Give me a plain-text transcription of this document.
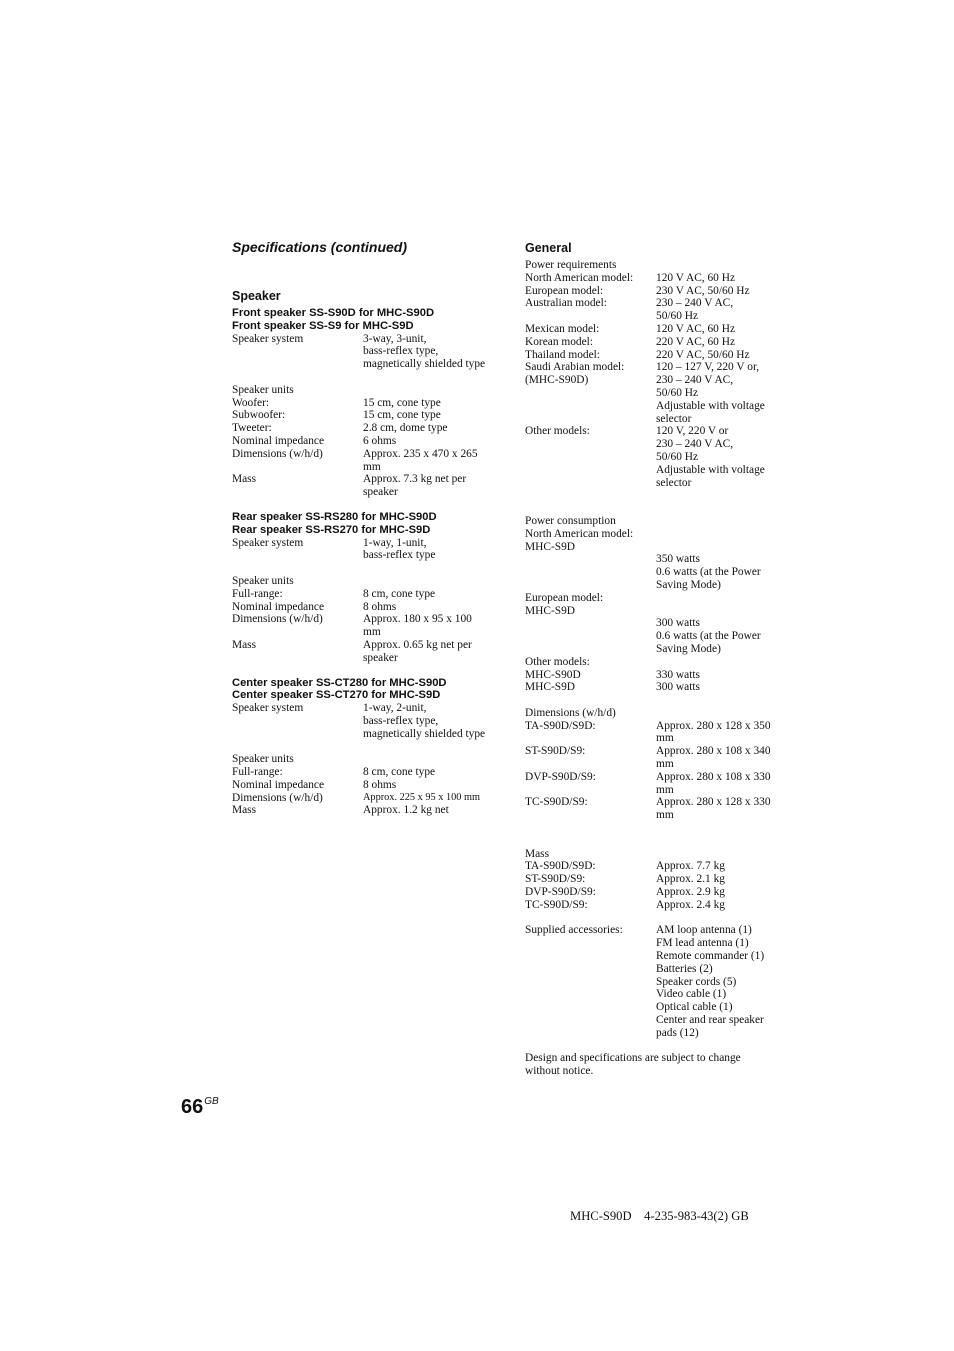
Specifications (continued)
Speaker
Front speaker SS-S90D for MHC-S90D
Front speaker SS-S9 for MHC-S9D
Speaker system	3-way, 3-unit,
bass-reflex type,
magnetically shielded type
Speaker units
Woofer:	15 cm, cone type
Subwoofer:	15 cm, cone type
Tweeter:	2.8 cm, dome type
Nominal impedance	6 ohms
Dimensions (w/h/d)	Approx. 235 x 470 x 265
mm
Mass	Approx. 7.3 kg net per
speaker
Rear speaker SS-RS280 for MHC-S90D
Rear speaker SS-RS270 for MHC-S9D
Speaker system	1-way, 1-unit,
bass-reflex type
Speaker units
Full-range:	8 cm, cone type
Nominal impedance	8 ohms
Dimensions (w/h/d)	Approx. 180 x 95 x 100
mm
Mass	Approx. 0.65 kg net per
speaker
Center speaker SS-CT280 for MHC-S90D
Center speaker SS-CT270 for MHC-S9D
Speaker system	1-way, 2-unit,
bass-reflex type,
magnetically shielded type
Speaker units
Full-range:	8 cm, cone type
Nominal impedance	8 ohms
Dimensions (w/h/d)	Approx. 225 x 95 x 100 mm
Mass	Approx. 1.2 kg net
General
Power requirements
North American model:	120 V AC, 60 Hz
European model:	230 V AC, 50/60 Hz
Australian model:	230 – 240 V AC,
50/60 Hz
Mexican model:	120 V AC, 60 Hz
Korean model:	220 V AC, 60 Hz
Thailand model:	220 V AC, 50/60 Hz
Saudi Arabian model:	120 – 127 V, 220 V or,
(MHC-S90D)	230 – 240 V AC,
50/60 Hz
Adjustable with voltage
selector
Other models:	120 V, 220 V or
230 – 240 V AC,
50/60 Hz
Adjustable with voltage
selector
Power consumption
North American model:
MHC-S9D
350 watts
0.6 watts (at the Power
Saving Mode)
European model:
MHC-S9D
300 watts
0.6 watts (at the Power
Saving Mode)
Other models:
MHC-S90D	330 watts
MHC-S9D	300 watts
Dimensions (w/h/d)
TA-S90D/S9D:	Approx. 280 x 128 x 350
mm
ST-S90D/S9:	Approx. 280 x 108 x 340
mm
DVP-S90D/S9:	Approx. 280 x 108 x 330
mm
TC-S90D/S9:	Approx. 280 x 128 x 330
mm
Mass
TA-S90D/S9D:	Approx. 7.7 kg
ST-S90D/S9:	Approx. 2.1 kg
DVP-S90D/S9:	Approx. 2.9 kg
TC-S90D/S9:	Approx. 2.4 kg
Supplied accessories:	AM loop antenna (1)
FM lead antenna (1)
Remote commander (1)
Batteries (2)
Speaker cords (5)
Video cable (1)
Optical cable (1)
Center and rear speaker
pads (12)
Design and specifications are subject to change
without notice.
$66^{GB}$
MHC-S90D    4-235-983-43(2) GB
